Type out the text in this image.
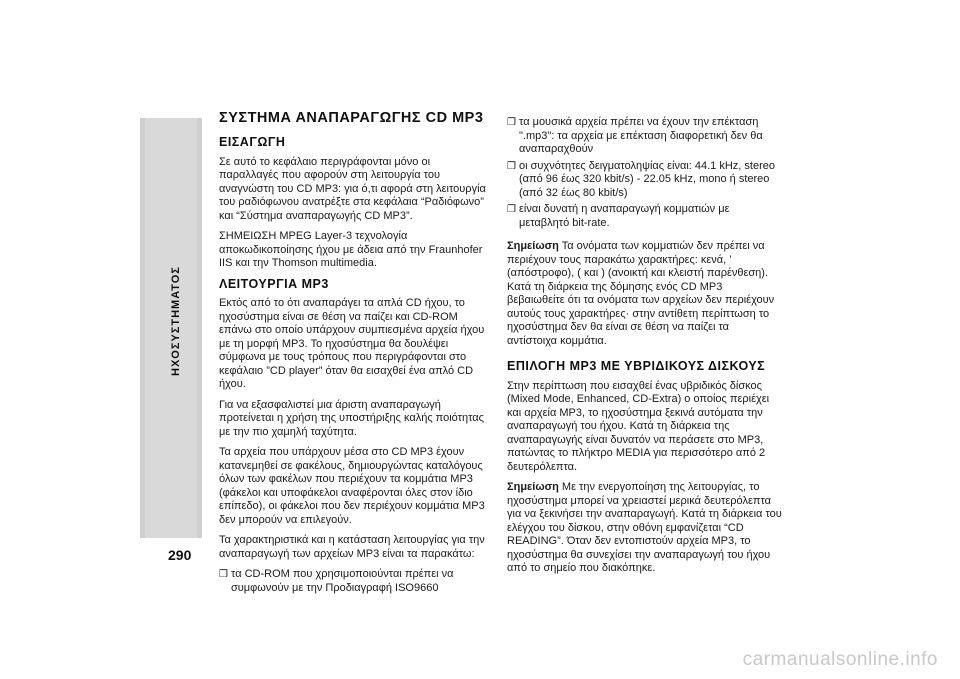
ΗΧΟΣΥΣΤΗΜΑΤΟΣ
290
ΣΥΣΤΗΜΑ ΑΝΑΠΑΡΑΓΩΓΗΣ CD MP3
ΕΙΣΑΓΩΓΗ

Σε αυτό το κεφάλαιο περιγράφονται μόνο οι παραλλαγές που αφορούν στη λειτουργία του αναγνώστη του CD MP3: για ό,τι αφορά στη λειτουργία του ραδιόφωνου ανατρέξτε στα κεφάλαια “Ραδιόφωνο” και “Σύστημα αναπαραγωγής CD MP3”.

ΣΗΜΕΙΩΣΗ MPEG Layer-3 τεχνολογία αποκωδικοποίησης ήχου με άδεια από την Fraunhofer IIS και την Thomson multimedia.

ΛΕΙΤΟΥΡΓΙΑ MP3

Εκτός από το ότι αναπαράγει τα απλά CD ήχου, το ηχοσύστημα είναι σε θέση να παίζει και CD-ROM επάνω στο οποίο υπάρχουν συμπιεσμένα αρχεία ήχου με τη μορφή MP3. Το ηχοσύστημα θα δουλέψει σύμφωνα με τους τρόπους που περιγράφονται στο κεφάλαιο ”CD player” όταν θα εισαχθεί ένα απλό CD ήχου.

Για να εξασφαλιστεί μια άριστη αναπαραγωγή προτείνεται η χρήση της υποστήριξης καλής ποιότητας με την πιο χαμηλή ταχύτητα.

Τα αρχεία που υπάρχουν μέσα στο CD MP3 έχουν κατανεμηθεί σε φακέλους, δημιουργώντας καταλόγους όλων των φακέλων που περιέχουν τα κομμάτια MP3 (φάκελοι και υποφάκελοι αναφέρονται όλες στον ίδιο επίπεδο), οι φάκελοι που δεν περιέχουν κομμάτια MP3 δεν μπορούν να επιλεγούν.

Τα χαρακτηριστικά και η κατάσταση λειτουργίας για την αναπαραγωγή των αρχείων MP3 είναι τα παρακάτω:

❒ τα CD-ROM που χρησιμοποιούνται πρέπει να συμφωνούν με την Προδιαγραφή ISO9660
❒ τα μουσικά αρχεία πρέπει να έχουν την επέκταση ".mp3": τα αρχεία με επέκταση διαφορετική δεν θα αναπαραχθούν
❒ οι συχνότητες δειγματοληψίας είναι: 44.1 kHz, stereo (από 96 έως 320 kbit/s) - 22.05 kHz, mono ή stereo (από 32 έως 80 kbit/s)
❒ είναι δυνατή η αναπαραγωγή κομματιών με μεταβλητό bit-rate.

Σημείωση Τα ονόματα των κομματιών δεν πρέπει να περιέχουν τους παρακάτω χαρακτήρες: κενά, ’ (απόστροφο), ( και ) (ανοικτή και κλειστή παρένθεση). Κατά τη διάρκεια της δόμησης ενός CD MP3 βεβαιωθείτε ότι τα ονόματα των αρχείων δεν περιέχουν αυτούς τους χαρακτήρες· στην αντίθετη περίπτωση το ηχοσύστημα δεν θα είναι σε θέση να παίζει τα αντίστοιχα κομμάτια.

ΕΠΙΛΟΓΗ MP3 ΜΕ ΥΒΡΙΔΙΚΟΥΣ ΔΙΣΚΟΥΣ

Στην περίπτωση που εισαχθεί ένας υβριδικός δίσκος (Mixed Mode, Enhanced, CD-Extra) ο οποίος περιέχει και αρχεία MP3, το ηχοσύστημα ξεκινά αυτόματα την αναπαραγωγή του ήχου. Κατά τη διάρκεια της αναπαραγωγής είναι δυνατόν να περάσετε στο MP3, πατώντας το πλήκτρο MEDIA για περισσότερο από 2 δευτερόλεπτα.

Σημείωση Με την ενεργοποίηση της λειτουργίας, το ηχοσύστημα μπορεί να χρειαστεί μερικά δευτερόλεπτα για να ξεκινήσει την αναπαραγωγή. Κατά τη διάρκεια του ελέγχου του δίσκου, στην οθόνη εμφανίζεται “CD READING”. Όταν δεν εντοπιστούν αρχεία MP3, το ηχοσύστημα θα συνεχίσει την αναπαραγωγή του ήχου από το σημείο που διακόπηκε.

carmanualsonline.info
